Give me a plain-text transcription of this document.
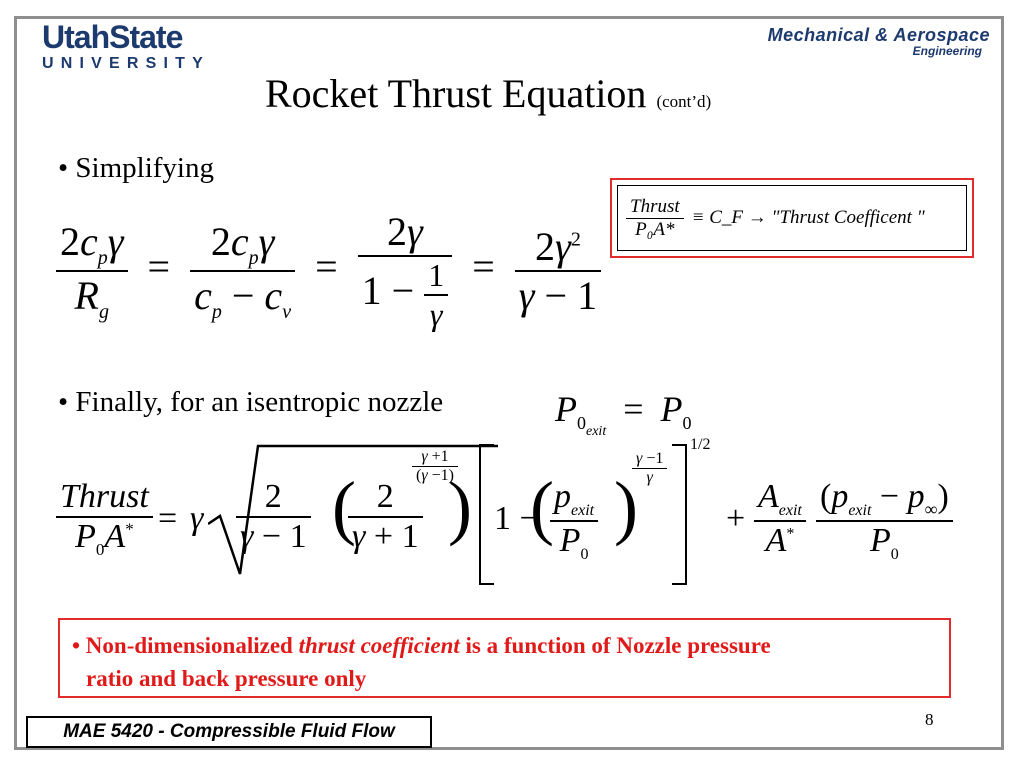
UtahState
UNIVERSITY
Mechanical & Aerospace
Engineering
Rocket Thrust Equation (cont’d)
• Simplifying
$\frac{2c_p\gamma}{R_g} = \frac{2c_p\gamma}{c_p - c_v} = \frac{2\gamma}{1 - \frac{1}{\gamma}} = \frac{2\gamma^2}{\gamma - 1}$
$\frac{\text{Thrust}}{\text{P₀A*}}$ ≡ C_F → "Thrust Coefficent "
• Finally, for an isentropic nozzle	$P_{0exit} = P_0$
Thrust
$P_0A^* = \gamma$
2
γ − 1 ( 2
γ + 1 )
γ +1
(γ −1)
1 −
( $p_{exit}$
$P_0$
)
γ −1
γ
1/2
+
$A_{exit}$
A*
$(p_{exit} - p_\infty)$
$P_0$
• Non-dimensionalized thrust coefficient is a function of Nozzle pressure
ratio and back pressure only
8
MAE 5420 - Compressible Fluid Flow
